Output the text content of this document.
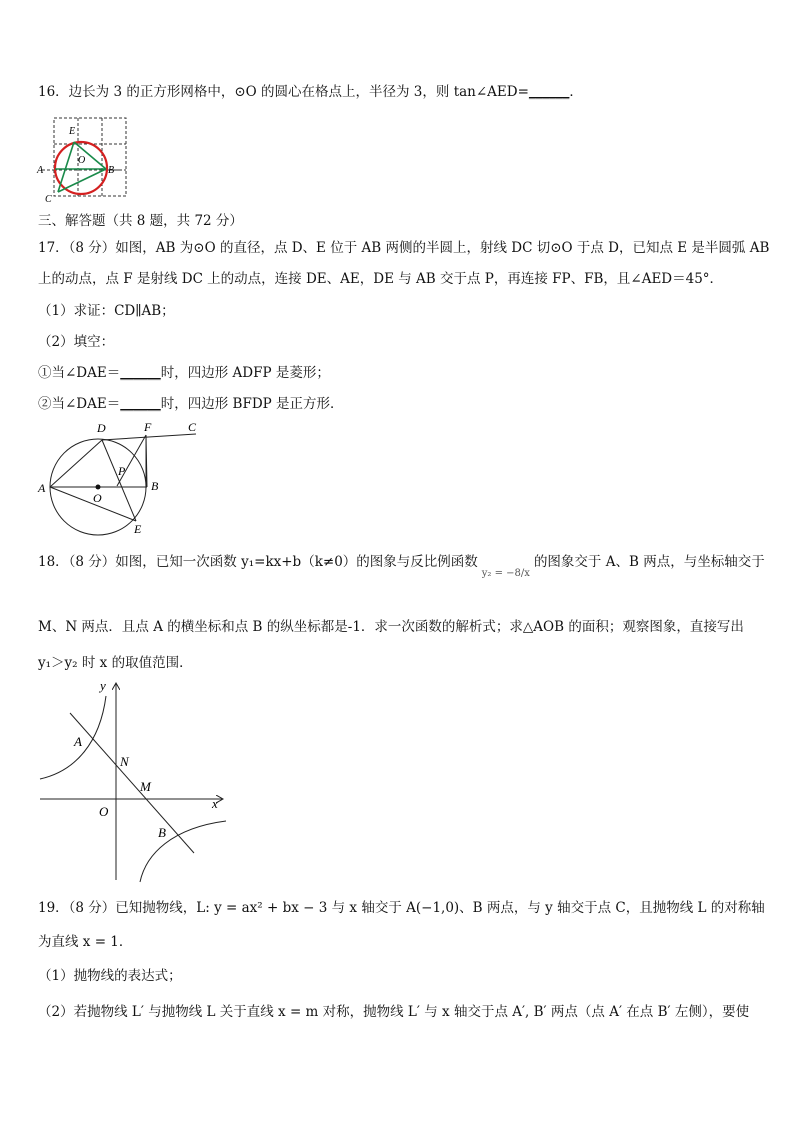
16．边长为 3 的正方形网格中，⊙O 的圆心在格点上，半径为 3，则 tan∠AED=______．
E
O
A	B
C
三、解答题（共 8 题，共 72 分）
17．（8 分）如图，AB 为⊙O 的直径，点 D、E 位于 AB 两侧的半圆上，射线 DC 切⊙O 于点 D，已知点 E 是半圆弧 AB
上的动点，点 F 是射线 DC 上的动点，连接 DE、AE，DE 与 AB 交于点 P，再连接 FP、FB，且∠AED＝45°．
（1）求证：CD∥AB；
（2）填空：
①当∠DAE＝______时，四边形 ADFP 是菱形；
②当∠DAE＝______时，四边形 BFDP 是正方形．
D	F	C
A
O
B
P
E
18．（8 分）如图，已知一次函数 y₁=kx+b（k≠0）的图象与反比例函数y₂ = −8/x的图象交于 A、B 两点，与坐标轴交于
M、N 两点．且点 A 的横坐标和点 B 的纵坐标都是-1．求一次函数的解析式；求△AOB 的面积；观察图象，直接写出
y₁＞y₂ 时 x 的取值范围．
y
x
A
N
M
O
B
19．（8 分）已知抛物线，L: y = ax² + bx − 3 与 x 轴交于 A(−1,0)、B 两点，与 y 轴交于点 C，且抛物线 L 的对称轴
为直线 x = 1．
（1）抛物线的表达式；
（2）若抛物线 L′ 与抛物线 L 关于直线 x = m 对称，抛物线 L′ 与 x 轴交于点 A′, B′ 两点（点 A′ 在点 B′ 左侧），要使
